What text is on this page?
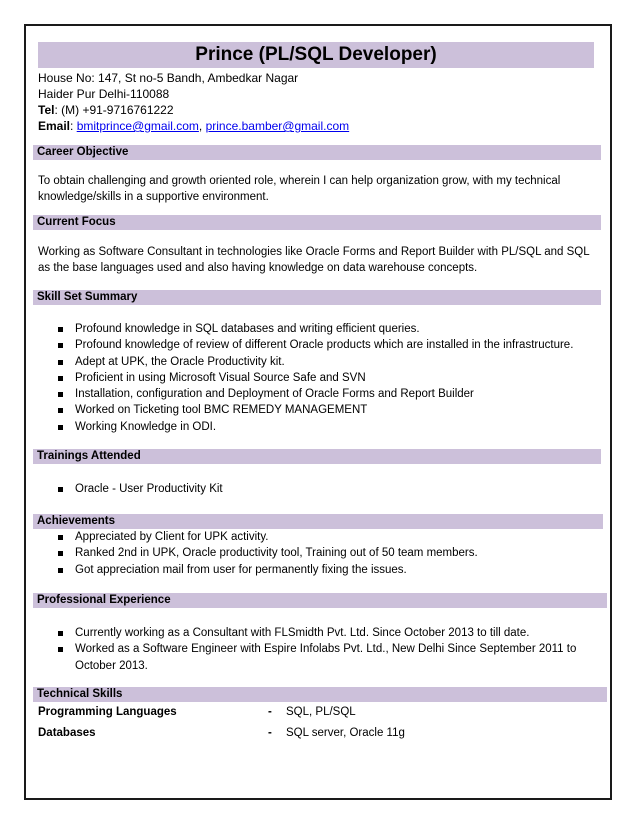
Prince (PL/SQL Developer)
House No: 147, St no-5 Bandh, Ambedkar Nagar
Haider Pur Delhi-110088
Tel: (M) +91-9716761222
Email: bmitprince@gmail.com, prince.bamber@gmail.com
Career Objective
To obtain challenging and growth oriented role, wherein I can help organization grow, with my technical knowledge/skills in a supportive environment.
Current Focus
Working as Software Consultant in technologies like Oracle Forms and Report Builder with PL/SQL and SQL as the base languages used and also having knowledge on data warehouse concepts.
Skill Set Summary
Profound knowledge in SQL databases and writing efficient queries.
Profound knowledge of review of different Oracle products which are installed in the infrastructure.
Adept at UPK, the Oracle Productivity kit.
Proficient in using Microsoft Visual Source Safe and SVN
Installation, configuration and Deployment of Oracle Forms and Report Builder
Worked on Ticketing tool BMC REMEDY MANAGEMENT
Working Knowledge in ODI.
Trainings Attended
Oracle - User Productivity Kit
Achievements
Appreciated by Client for UPK activity.
Ranked 2nd in UPK, Oracle productivity tool, Training out of 50 team members.
Got appreciation mail from user for permanently fixing the issues.
Professional Experience
Currently working as a Consultant with FLSmidth Pvt. Ltd. Since October 2013 to till date.
Worked as a Software Engineer with Espire Infolabs Pvt. Ltd., New Delhi Since September 2011 to October 2013.
Technical Skills
Programming Languages	- SQL, PL/SQL
Databases	- SQL server, Oracle 11g
